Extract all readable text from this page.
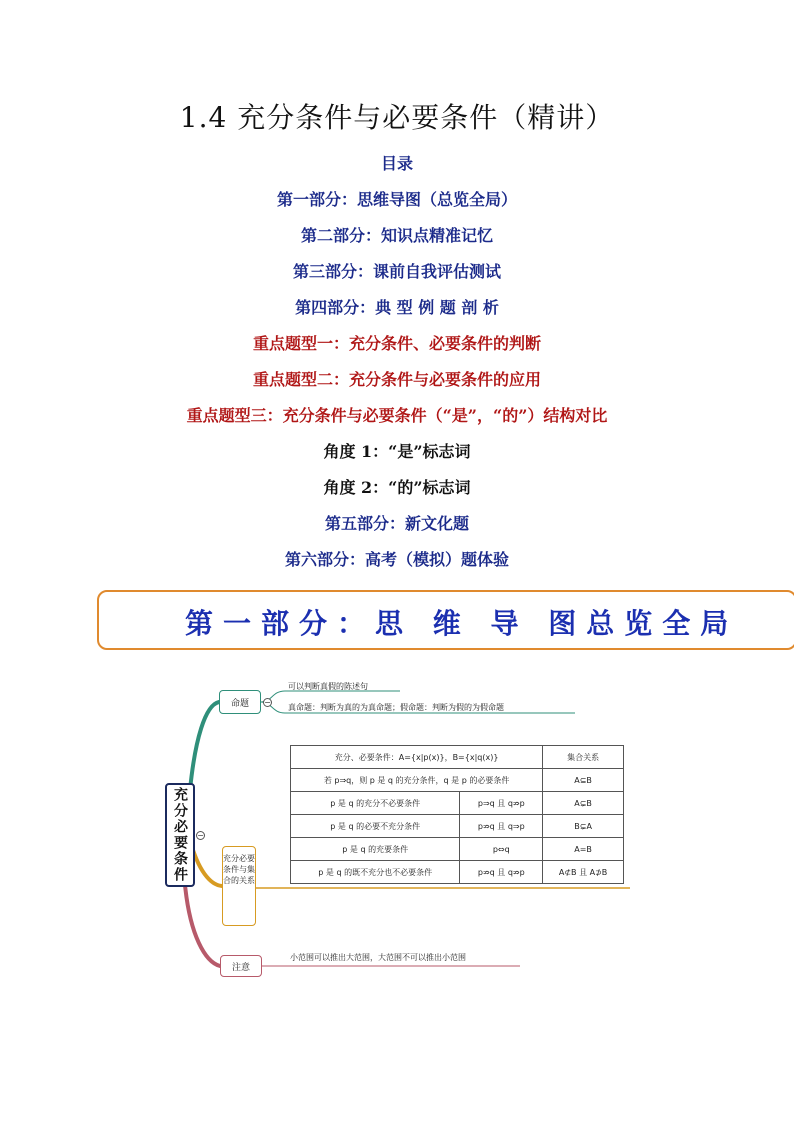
1.4 充分条件与必要条件（精讲）
目录
第一部分：思维导图（总览全局）
第二部分：知识点精准记忆
第三部分：课前自我评估测试
第四部分：典 型 例 题 剖 析
重点题型一：充分条件、必要条件的判断
重点题型二：充分条件与必要条件的应用
重点题型三：充分条件与必要条件（“是”，“的”）结构对比
角度 1：“是”标志词
角度 2：“的”标志词
第五部分：新文化题
第六部分：高考（模拟）题体验
第一部分：思 维 导 图总览全局
充分必要条件	−
命题	−
可以判断真假的陈述句
真命题：判断为真的为真命题；假命题：判断为假的为假命题
充分必要条件与集合的关系
充分、必要条件：A={x|p(x)}，B={x|q(x)}		集合关系
若 p⇒q，则 p 是 q 的充分条件，q 是 p 的必要条件		A⊆B
p 是 q 的充分不必要条件	p⇒q 且 q⇏p	A⊊B
p 是 q 的必要不充分条件	p⇏q 且 q⇒p	B⊊A
p 是 q 的充要条件	p⇔q	A=B
p 是 q 的既不充分也不必要条件	p⇏q 且 q⇏p	A⊄B 且 A⊅B
注意
小范围可以推出大范围，大范围不可以推出小范围
